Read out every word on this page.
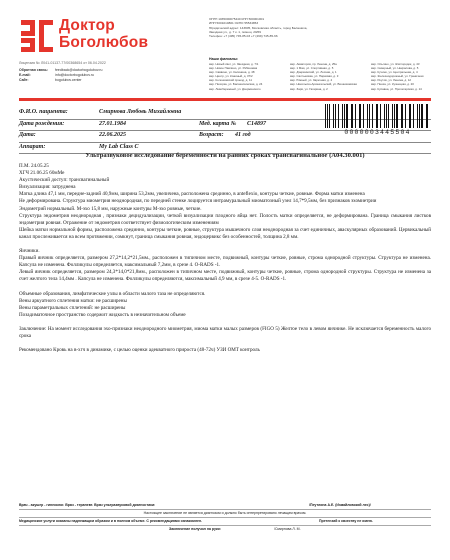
Доктор
Боголюбов
Лицензия № Л041-01137-77/00368654 от 06.04.2022
Обратная связь:	feedback@doctorbogolubov.ru
E-mail:	info@doctorbogolubov.ru
Сайт:	bogolubov.center
ОГРН 1035000075440 КПП 500001001
ИНН 5001010801 ОКПО 55534853
Юридический адрес: 143905, Московская область, город Балашиха,
Звездная ул., д. 7 к. 1, помещ. 20/69
Телефон: +7 (495) 745-85-03 +7 (499) 745-85-66
Наши филиалы:
мкр. Новый свет, ул. Звездная, д. 7/1	мкр. Авиаторов, пр. Ленина, д. 25а	мкр. Ольгино, ул. Жилгородок, д. 43
мкр. Новое Павлино, ул. Рябиновая	мкр. 1 Мая, ул. Спортивная, д. 5	мкр. Северный, ул. Некрасова, д. 5
мкр. Саввино, ул. Калинина, д. 48	мкр. Дзержинский, ул. Лесная, д. 1	мкр. Кучино, ул. Центральная, д. 4
мкр. Центр, ул. Кожиный, д. 37/2	мкр. Салтыковка, ул. Парковая, д. 3	мкр. Железнодорожный, ул. Граничная
мкр. Колонковский проезд, д. 11	мкр. Южный, ул. Заречная, д. 4	мкр. Реутов, ул. Ленина, д. 12
мкр. Пехорка, ул. Балашихинская, д. 24	мкр. Никольско-Архангельский, ул. Вишняковская	мкр. Пенза, ул. Кузнецкая, д. 20
мкр. Левобережный, ул. Дзержинского	мкр. Заря, ул. Гагарина, д. 2	мкр. Купавна, ул. Пролетарская, д. 14
Ф.И.О. пациента:	Смирнова Любовь Михайловна
Дата рождения:	27.01.1984	Мед. карта № С14897
Дата:	22.06.2025	Возраст: 41 год
Аппарат:	My Lab Class C
0000003445504
Ультразвуковое исследование беременности на ранних сроках трансвагинальное (A04.30.001)

П.М. 24.05.25

ХГЧ 21.06.25 60мМе

Акустический доступ: трансвагинальный

Визуализация: затруднена

Матка длина 47,1 мм, передне-задний 40,9мм, ширина 53,2мм, увеличена, расположена срединно, в anteflexio, контуры четкие, ровные. Форма матки изменена

Не деформирована. Структура миометрия неоднородная, по передней стенке лоцируется интрамуральный миоматозный узел 14,7*9,5мм, без признаков эхомиетрии

Эндометрий нормальный. М-эхо 15,8 мм, наружные контуры М-эхо ровные, четкие.

Структура эндометрия неоднородная , признаки децидуализации, четкой визуализации плодного яйца нет. Полость матки определяется, не деформирована. Граница смыкания листков эндометрия ровная. Отражение от эндометрия соответствует физиологическим изменениям

Шейка матки нормальной формы, расположена срединно, контуры четкие, ровные, структура мышечного слоя неоднородная за счет единичных, аваскулярных образований. Цервикальный канал прослеживается на всем протяжении, сомкнут, граница смыкания ровная, эндоцервикс без особенностей, толщина 2,8 мм.

Яичники.

Правый яичник определяется, размером 27,2*14,2*21,5мм., расположен в типичном месте, подвижный, контуры четкие, ровные, строма однородной структуры. Структура не изменена. Капсула не изменена. Фолликулы определяется, максимальный 7,2мм, в срезе 4. O-RADS -1.

Левый яичник определяется, размером 24,3*14,0*21,8мм., расположен в типичном месте, подвижный, контуры четкие, ровные, строма однородной структуры. Структура не изменена за счет желтого тела 14,4мм . Капсула не изменена. Фолликулы определяются, максимальный 4,9 мм, в срезе 4-5. O-RADS -1.

Объемные образования, лимфатические узлы в области малого таза не определяются.

Вены аркуатного сплетения матки: не расширены

Вены параметральных сплетений: не расширены

Позадиматочное пространство содержит жидкость в незначительном объеме

Заключение: На момент исследования эхо-признаки неоднородного миометрия, миома матки малых размеров (FIGO 5) Желтое тело в левом яичнике. Не исключается беременность малого срока

Рекомендовано Кровь на в-хгч в динамике, с целью оценки адекватного прироста (48-72ч) УЗИ ОМТ контроль

Врач - акушер - гинеколог. Врач - терапевт. Врач ультразвуковой диагностики:	/Пеутлина А.Е. (Измайловский лес)/
Настоящее заключение не является диагнозом и должно быть интерпретировано лечащим врачом.
Медицинские услуги оказаны надлежащим образом и в полном объеме. С рекомендациями ознакомлен.	Претензий к качеству не имею.
Заключение получил на руки:	/Смирнова Л. М.
